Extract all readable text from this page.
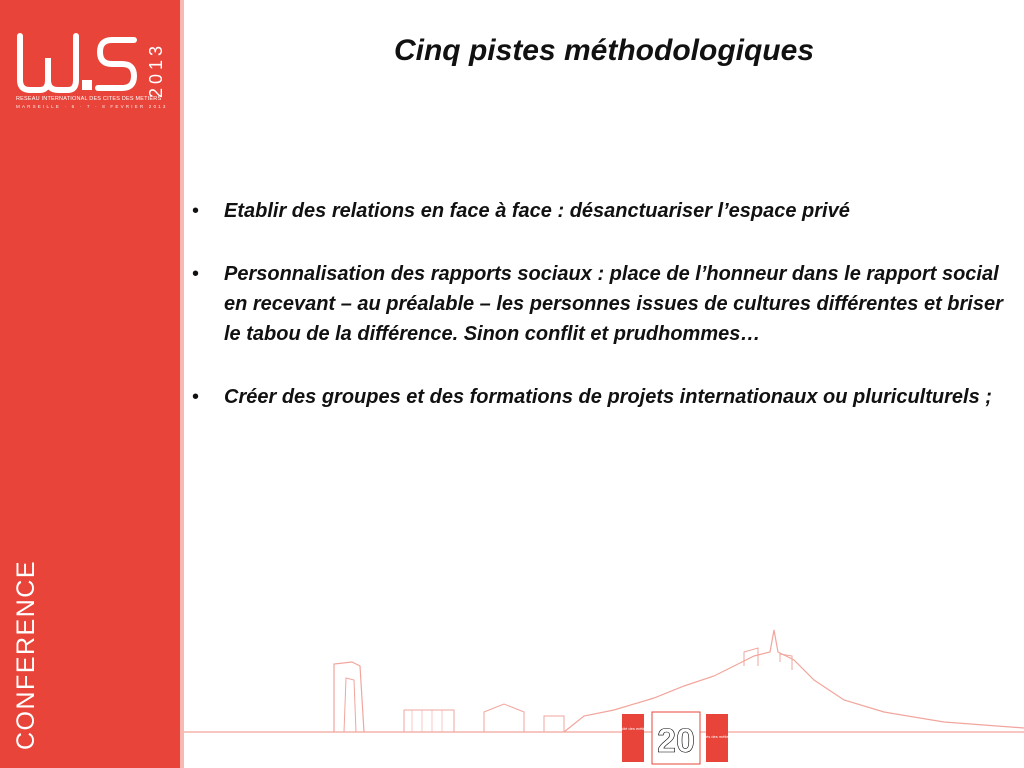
2013
RESEAU INTERNATIONAL DES CITES DES METIERS
MARSEILLE · 6 · 7 · 8 FEVRIER 2013
CONFERENCE
Cinq pistes méthodologiques
• Etablir des relations en face à face : désanctuariser l’espace privé
• Personnalisation des rapports sociaux : place de l’honneur dans le rapport social en recevant – au préalable – les personnes issues de cultures différentes et briser le tabou de la différence. Sinon conflit et prudhommes…
• Créer des groupes et des formations de projets internationaux ou pluriculturels ;
la cité des métiers 20 cités des métiers
